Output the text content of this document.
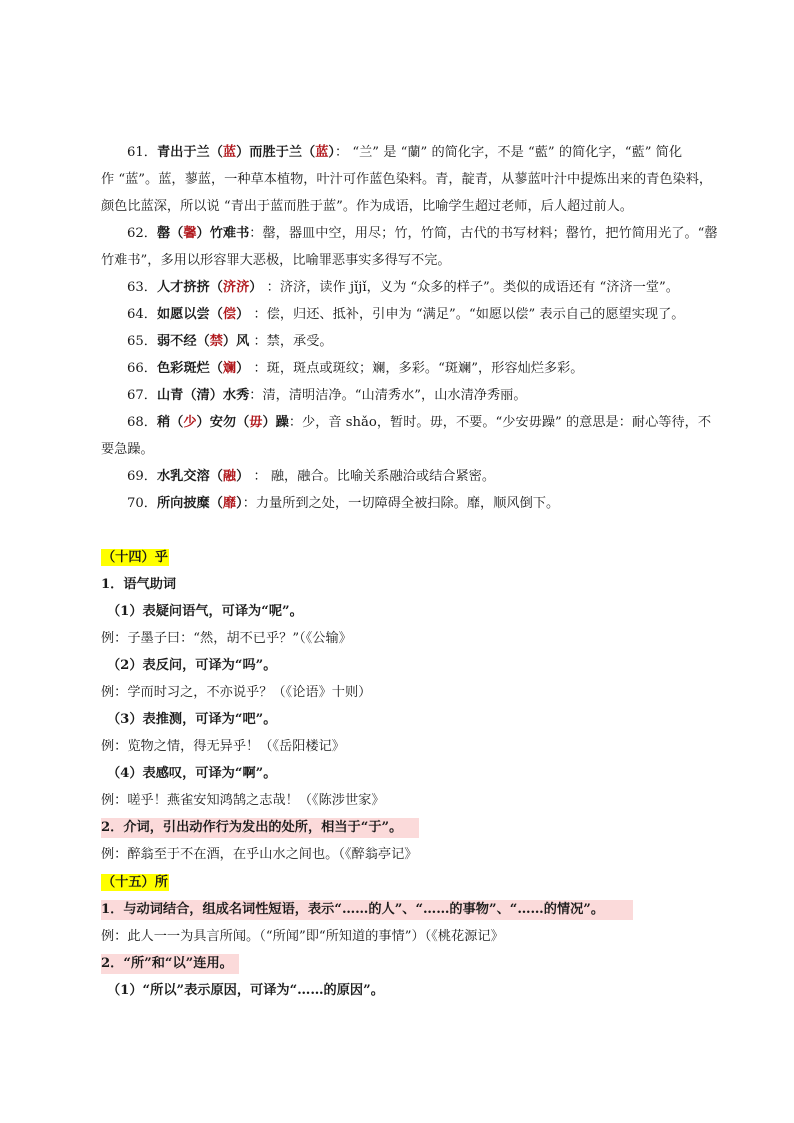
61．青出于兰（蓝）而胜于兰（蓝）： “兰” 是 “蘭” 的简化字，不是 “藍” 的简化字，“藍” 简化
作 “蓝”。蓝，蓼蓝，一种草本植物，叶汁可作蓝色染料。青，靛青，从蓼蓝叶汁中提炼出来的青色染料，
颜色比蓝深，所以说 “青出于蓝而胜于蓝”。作为成语，比喻学生超过老师，后人超过前人。
62．罄（馨）竹难书：罄，器皿中空，用尽；竹，竹简，古代的书写材料；罄竹，把竹简用光了。“罄
竹难书”，多用以形容罪大恶极，比喻罪恶事实多得写不完。
63．人才挤挤（济济） ：济济，读作 jǐjǐ，义为 “众多的样子”。类似的成语还有 “济济一堂”。
64．如愿以尝（偿） ：偿，归还、抵补，引申为 “满足”。“如愿以偿” 表示自己的愿望实现了。
65．弱不经（禁）风 ：禁，承受。
66．色彩斑烂（斓） ：斑，斑点或斑纹；斓，多彩。“斑斓”，形容灿烂多彩。
67．山青（清）水秀：清，清明洁净。“山清秀水”，山水清净秀丽。
68．稍（少）安勿（毋）躁：少，音 shǎo，暂时。毋，不要。“少安毋躁” 的意思是：耐心等待，不
要急躁。
69．水乳交溶（融） ： 融，融合。比喻关系融洽或结合紧密。
70．所向披糜（靡）：力量所到之处，一切障碍全被扫除。靡，顺风倒下。
（十四）乎
1．语气助词
（1）表疑问语气，可译为“呢”。
例：子墨子曰：“然，胡不已乎？”（《公输》
（2）表反问，可译为“吗”。
例：学而时习之，不亦说乎？（《论语》十则）
（3）表推测，可译为“吧”。
例：览物之情，得无异乎！（《岳阳楼记》
（4）表感叹，可译为“啊”。
例：嗟乎！燕雀安知鸿鹄之志哉！（《陈涉世家》
2．介词，引出动作行为发出的处所，相当于“于”。
例：醉翁至于不在酒，在乎山水之间也。（《醉翁亭记》
（十五）所
1．与动词结合，组成名词性短语，表示“……的人”、“……的事物”、“……的情况”。
例：此人一一为具言所闻。（“所闻”即“所知道的事情”）（《桃花源记》
2．“所”和“以”连用。
（1）“所以”表示原因，可译为“……的原因”。
